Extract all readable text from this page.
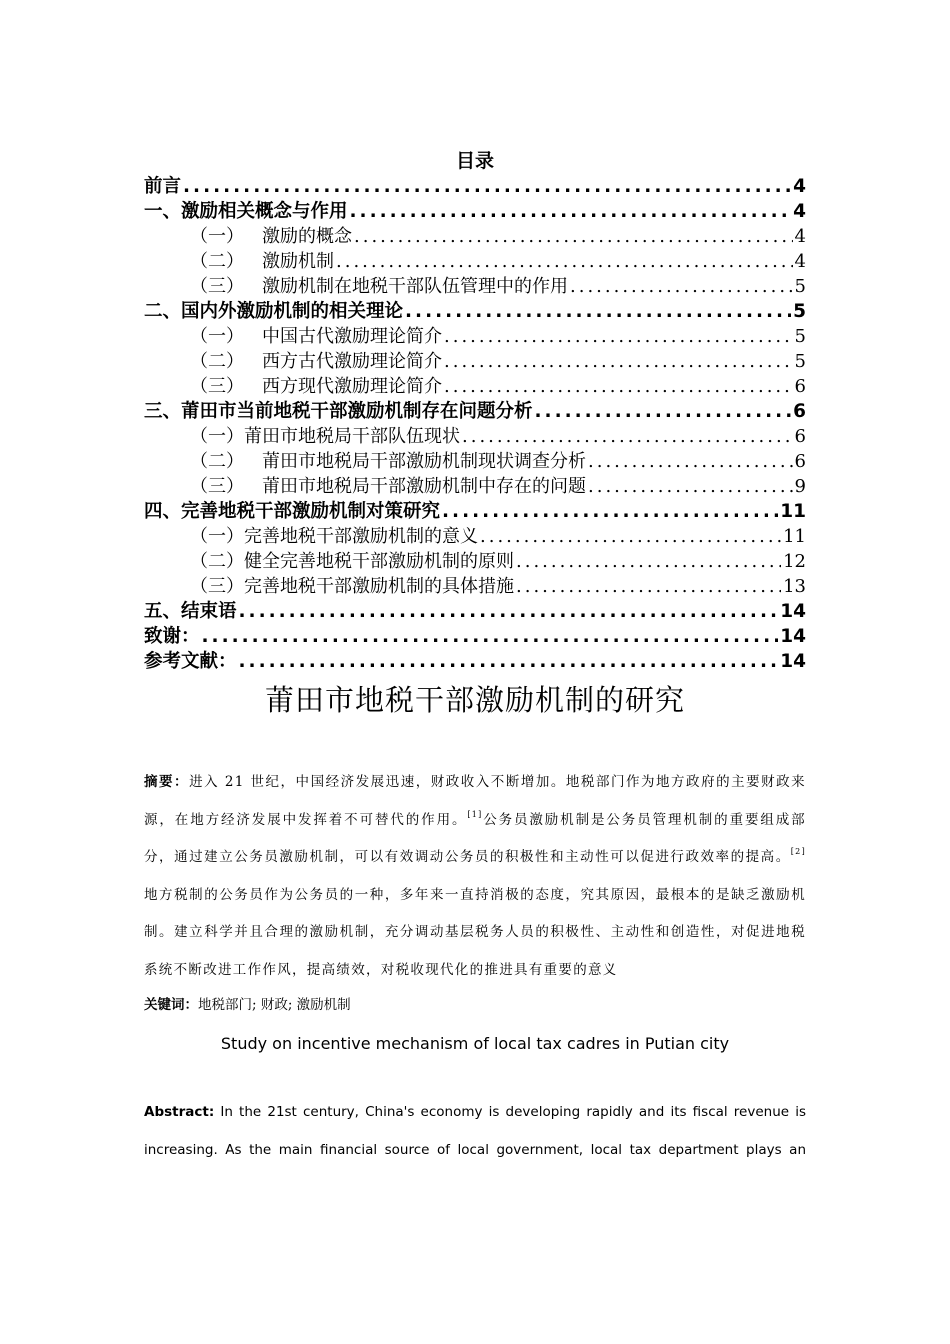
目录
前言 .....	4
一、激励相关概念与作用 .....	4
（一）	激励的概念 .....	4
（二）	激励机制 .....	4
（三）	激励机制在地税干部队伍管理中的作用 .....	5
二、国内外激励机制的相关理论 .....	5
（一）	中国古代激励理论简介 .....	5
（二）	西方古代激励理论简介 .....	5
（三）	西方现代激励理论简介 .....	6
三、莆田市当前地税干部激励机制存在问题分析 .....	6
（一） 莆田市地税局干部队伍现状 .....	6
（二）	莆田市地税局干部激励机制现状调查分析 .....	6
（三）	莆田市地税局干部激励机制中存在的问题 .....	9
四、完善地税干部激励机制对策研究 .....	11
（一） 完善地税干部激励机制的意义 .....	11
（二） 健全完善地税干部激励机制的原则 .....	12
（三） 完善地税干部激励机制的具体措施 .....	13
五、结束语 .....	14
致谢： .....	14
参考文献： .....	14
莆田市地税干部激励机制的研究
摘要：进入 21 世纪，中国经济发展迅速，财政收入不断增加。地税部门作为地方政府的主要财政来源，在地方经济发展中发挥着不可替代的作用。[1]公务员激励机制是公务员管理机制的重要组成部分，通过建立公务员激励机制，可以有效调动公务员的积极性和主动性可以促进行政效率的提高。[2]地方税制的公务员作为公务员的一种，多年来一直持消极的态度，究其原因，最根本的是缺乏激励机制。建立科学并且合理的激励机制，充分调动基层税务人员的积极性、主动性和创造性，对促进地税系统不断改进工作作风，提高绩效，对税收现代化的推进具有重要的意义
关键词：地税部门; 财政; 激励机制
Study on incentive mechanism of local tax cadres in Putian city
Abstract: In the 21st century, China's economy is developing rapidly and its fiscal revenue is increasing. As the main financial source of local government, local tax department plays an
